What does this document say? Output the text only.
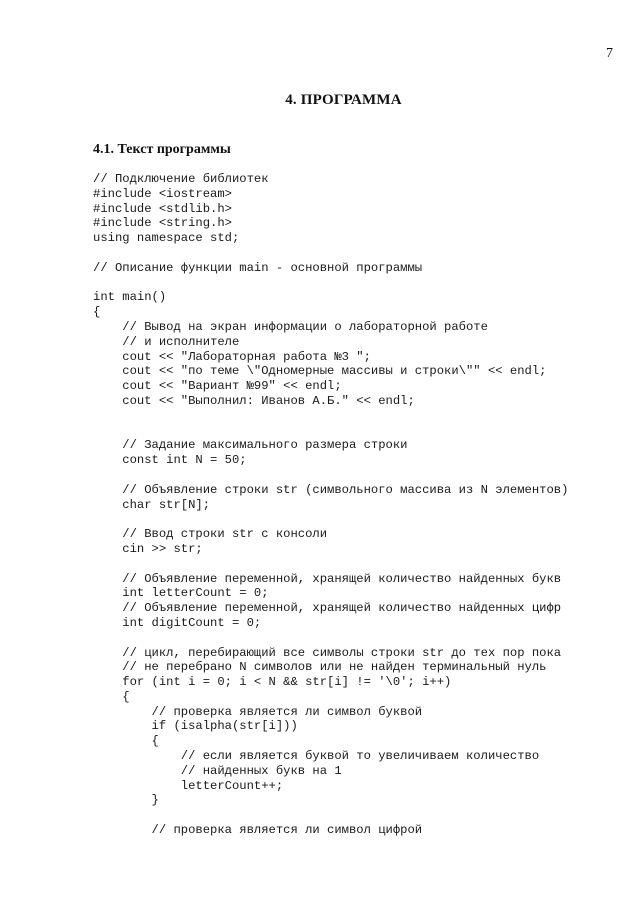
7
4. ПРОГРАММА
4.1. Текст программы
// Подключение библиотек
#include <iostream>
#include <stdlib.h>
#include <string.h>
using namespace std;
// Описание функции main - основной программы
int main()
{
// Вывод на экран информации о лабораторной работе
// и исполнителе
cout << "Лабораторная работа №3 ";
cout << "по теме \"Одномерные массивы и строки\"" << endl;
cout << "Вариант №99" << endl;
cout << "Выполнил: Иванов А.Б." << endl;
// Задание максимального размера строки
const int N = 50;
// Объявление строки str (символьного массива из N элементов)
char str[N];
// Ввод строки str с консоли
cin >> str;
// Объявление переменной, хранящей количество найденных букв
int letterCount = 0;
// Объявление переменной, хранящей количество найденных цифр
int digitCount = 0;
// цикл, перебирающий все символы строки str до тех пор пока
// не перебрано N символов или не найден терминальный нуль
for (int i = 0; i < N && str[i] != '\0'; i++)
{
// проверка является ли символ буквой
if (isalpha(str[i]))
{
// если является буквой то увеличиваем количество
// найденных букв на 1
letterCount++;
}
// проверка является ли символ цифрой
